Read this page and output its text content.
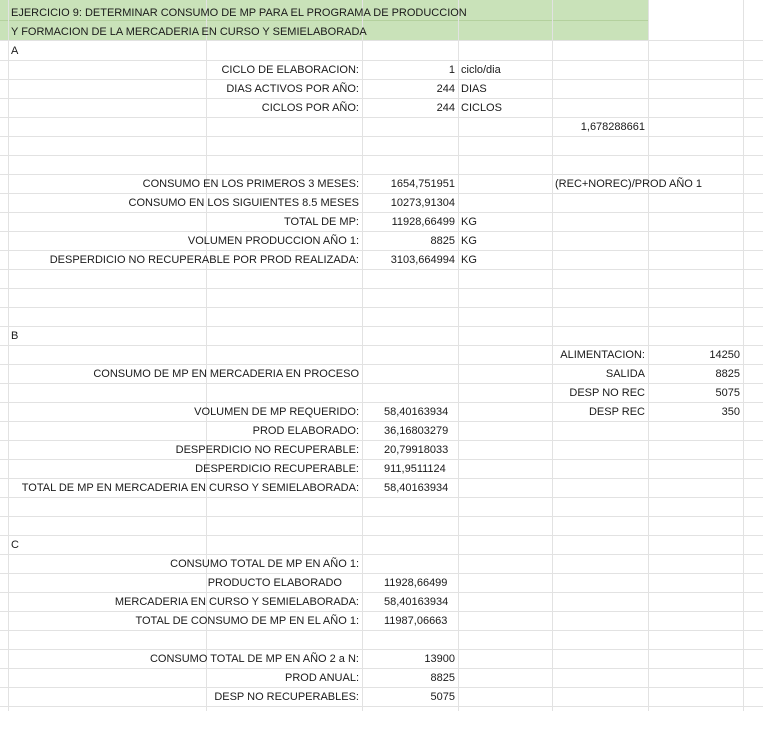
EJERCICIO 9: DETERMINAR CONSUMO DE MP PARA EL PROGRAMA DE PRODUCCION
Y FORMACION DE LA MERCADERIA EN CURSO Y SEMIELABORADA
A
CICLO DE ELABORACION:	1 ciclo/dia
DIAS ACTIVOS POR AÑO:	244 DIAS
CICLOS POR AÑO:	244 CICLOS
1,678288661
CONSUMO EN LOS PRIMEROS 3 MESES:	1654,751951	(REC+NOREC)/PROD AÑO 1
CONSUMO EN LOS SIGUIENTES 8.5 MESES	10273,91304
TOTAL DE MP:	11928,66499 KG
VOLUMEN PRODUCCION AÑO 1:	8825 KG
DESPERDICIO NO RECUPERABLE POR PROD REALIZADA:	3103,664994 KG
B
ALIMENTACION:	14250
CONSUMO DE MP EN MERCADERIA EN PROCESO	SALIDA	8825
DESP NO REC	5075
VOLUMEN DE MP REQUERIDO: 58,40163934	DESP REC	350
PROD ELABORADO: 36,16803279
DESPERDICIO NO RECUPERABLE: 20,79918033
DESPERDICIO RECUPERABLE: 911,9511124
TOTAL DE MP EN MERCADERIA EN CURSO Y SEMIELABORADA: 58,40163934
C
CONSUMO TOTAL DE MP EN AÑO 1:
PRODUCTO ELABORADO	11928,66499
MERCADERIA EN CURSO Y SEMIELABORADA: 58,40163934
TOTAL DE CONSUMO DE MP EN EL AÑO 1: 11987,06663
CONSUMO TOTAL DE MP EN AÑO 2 a N:	13900
PROD ANUAL:	8825
DESP NO RECUPERABLES:	5075
